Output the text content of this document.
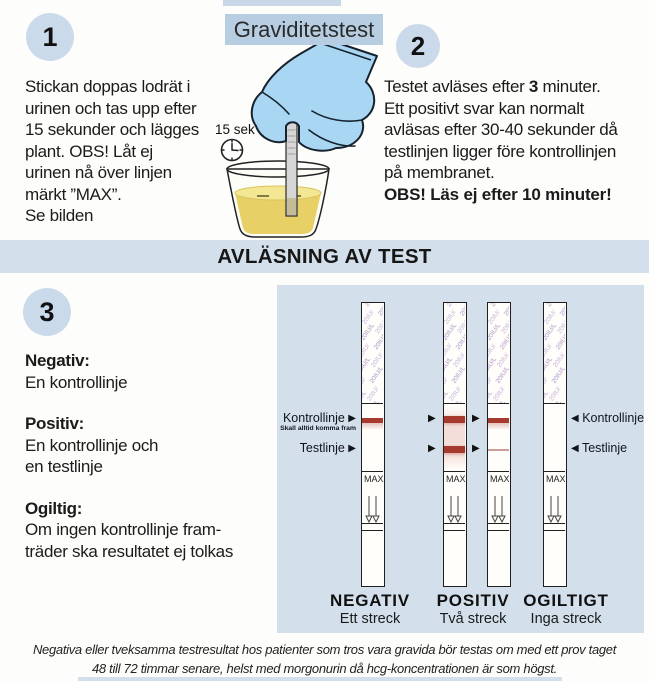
Graviditetstest
1
Stickan doppas lodrät i
urinen och tas upp efter
15 sekunder och lägges
plant. OBS! Låt ej
urinen nå över linjen
märkt ”MAX”.
Se bilden
2
Testet avläses efter 3 minuter.
Ett positivt svar kan normalt
avläsas efter 30-40 sekunder då
testlinjen ligger före kontrollinjen
på membranet.
OBS! Läs ej efter 10 minuter!
15 sek
AVLÄSNING AV TEST
3
Negativ:
En kontrollinje
Positiv:
En kontrollinje och
en testlinje
Ogiltig:
Om ingen kontrollinje fram-
träder ska resultatet ej tolkas
MAX	MAX	MAX	MAX
Kontrollinje ▶
Skall alltid komma fram
Testlinje ▶
▶
▶
▶
▶
◀ Kontrollinje
◀ Testlinje
NEGATIV
Ett streck
POSITIV
Två streck
OGILTIGT
Inga streck
Negativa eller tveksamma testresultat hos patienter som tros vara gravida bör testas om med ett prov taget
48 till 72 timmar senare, helst med morgonurin då hcg-koncentrationen är som högst.
